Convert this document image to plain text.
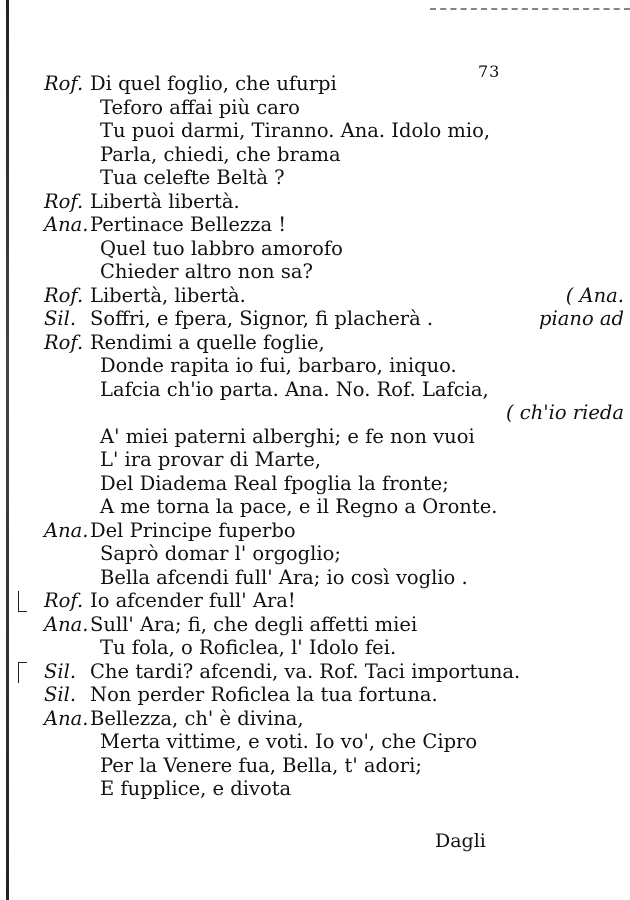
73
Rof. Di quel foglio, che ufurpi
Teforo affai più caro
Tu puoi darmi, Tiranno. Ana. Idolo mio,
Parla, chiedi, che brama
Tua celefte Beltà ?
Rof. Libertà libertà.
Ana. Pertinace Bellezza !
Quel tuo labbro amorofo
Chieder altro non sa?
Rof. Libertà, libertà.	( Ana.
Sil. Soffri, e fpera, Signor, fi placherà .	piano ad
Rof. Rendimi a quelle foglie,
Donde rapita io fui, barbaro, iniquo.
Lafcia ch'io parta. Ana. No. Rof. Lafcia,
( ch'io rieda
A' miei paterni alberghi; e fe non vuoi
L' ira provar di Marte,
Del Diadema Real fpoglia la fronte;
A me torna la pace, e il Regno a Oronte.
Ana. Del Principe fuperbo
Saprò domar l' orgoglio;
Bella afcendi full' Ara; io così voglio .
Rof. Io afcender full' Ara!
Ana. Sull' Ara; fi, che degli affetti miei
Tu fola, o Roficlea, l' Idolo fei.
Sil. Che tardi? afcendi, va. Rof. Taci importuna.
Sil. Non perder Roficlea la tua fortuna.
Ana. Bellezza, ch' è divina,
Merta vittime, e voti. Io vo', che Cipro
Per la Venere fua, Bella, t' adori;
E fupplice, e divota
Dagli
